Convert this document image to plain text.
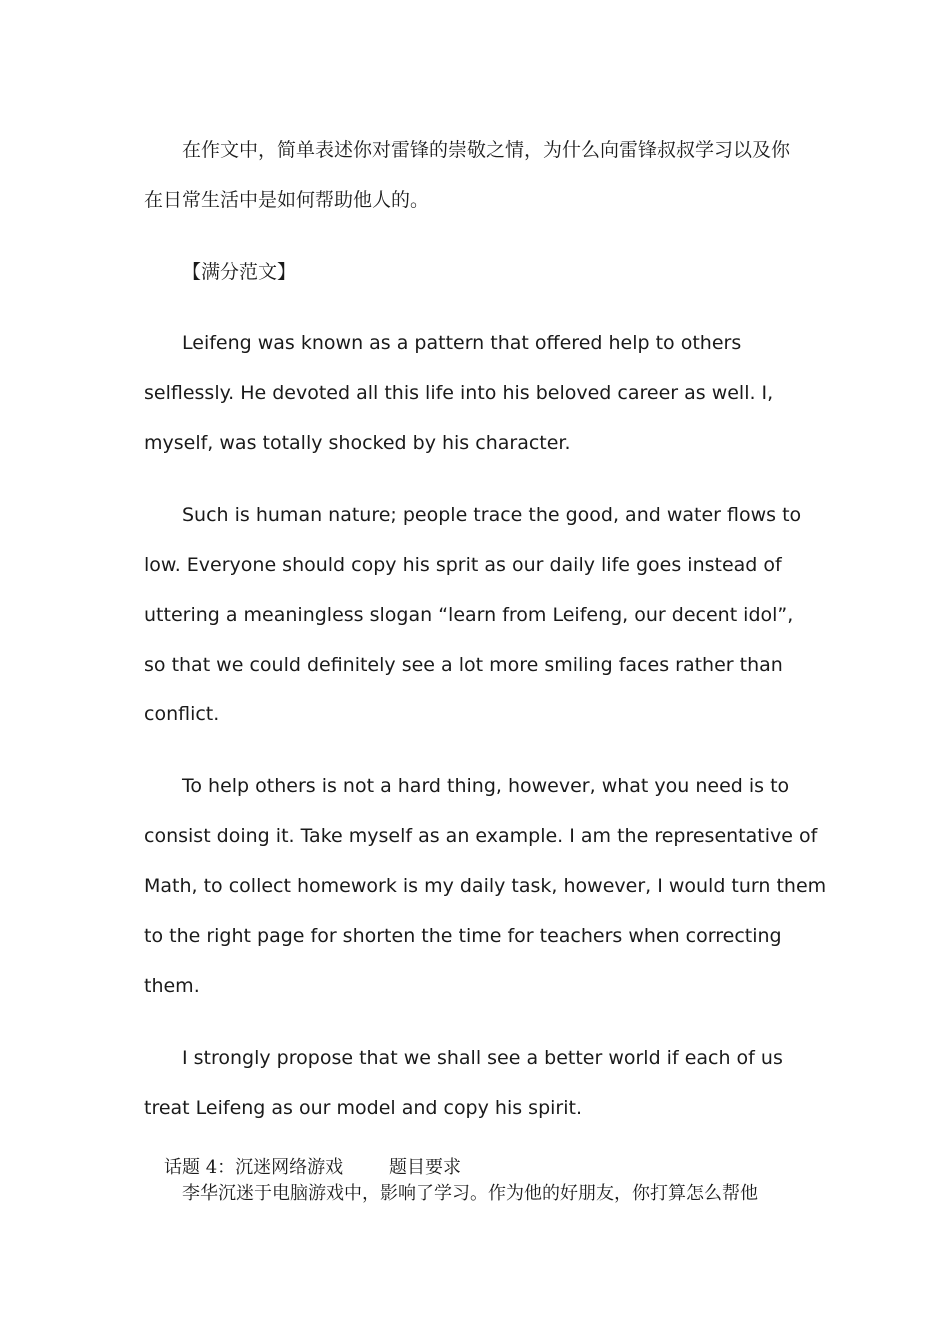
在作文中，简单表述你对雷锋的崇敬之情，为什么向雷锋叔叔学习以及你
在日常生活中是如何帮助他人的。
【满分范文】
Leifeng was known as a pattern that offered help to others
selflessly. He devoted all this life into his beloved career as well. I,
myself, was totally shocked by his character.
Such is human nature; people trace the good, and water flows to
low. Everyone should copy his sprit as our daily life goes instead of
uttering a meaningless slogan “learn from Leifeng, our decent idol”,
so that we could definitely see a lot more smiling faces rather than
conflict.
To help others is not a hard thing, however, what you need is to
consist doing it. Take myself as an example. I am the representative of
Math, to collect homework is my daily task, however, I would turn them
to the right page for shorten the time for teachers when correcting
them.
I strongly propose that we shall see a better world if each of us
treat Leifeng as our model and copy his spirit.
话题 4：沉迷网络游戏        题目要求
李华沉迷于电脑游戏中，影响了学习。作为他的好朋友，你打算怎么帮他
